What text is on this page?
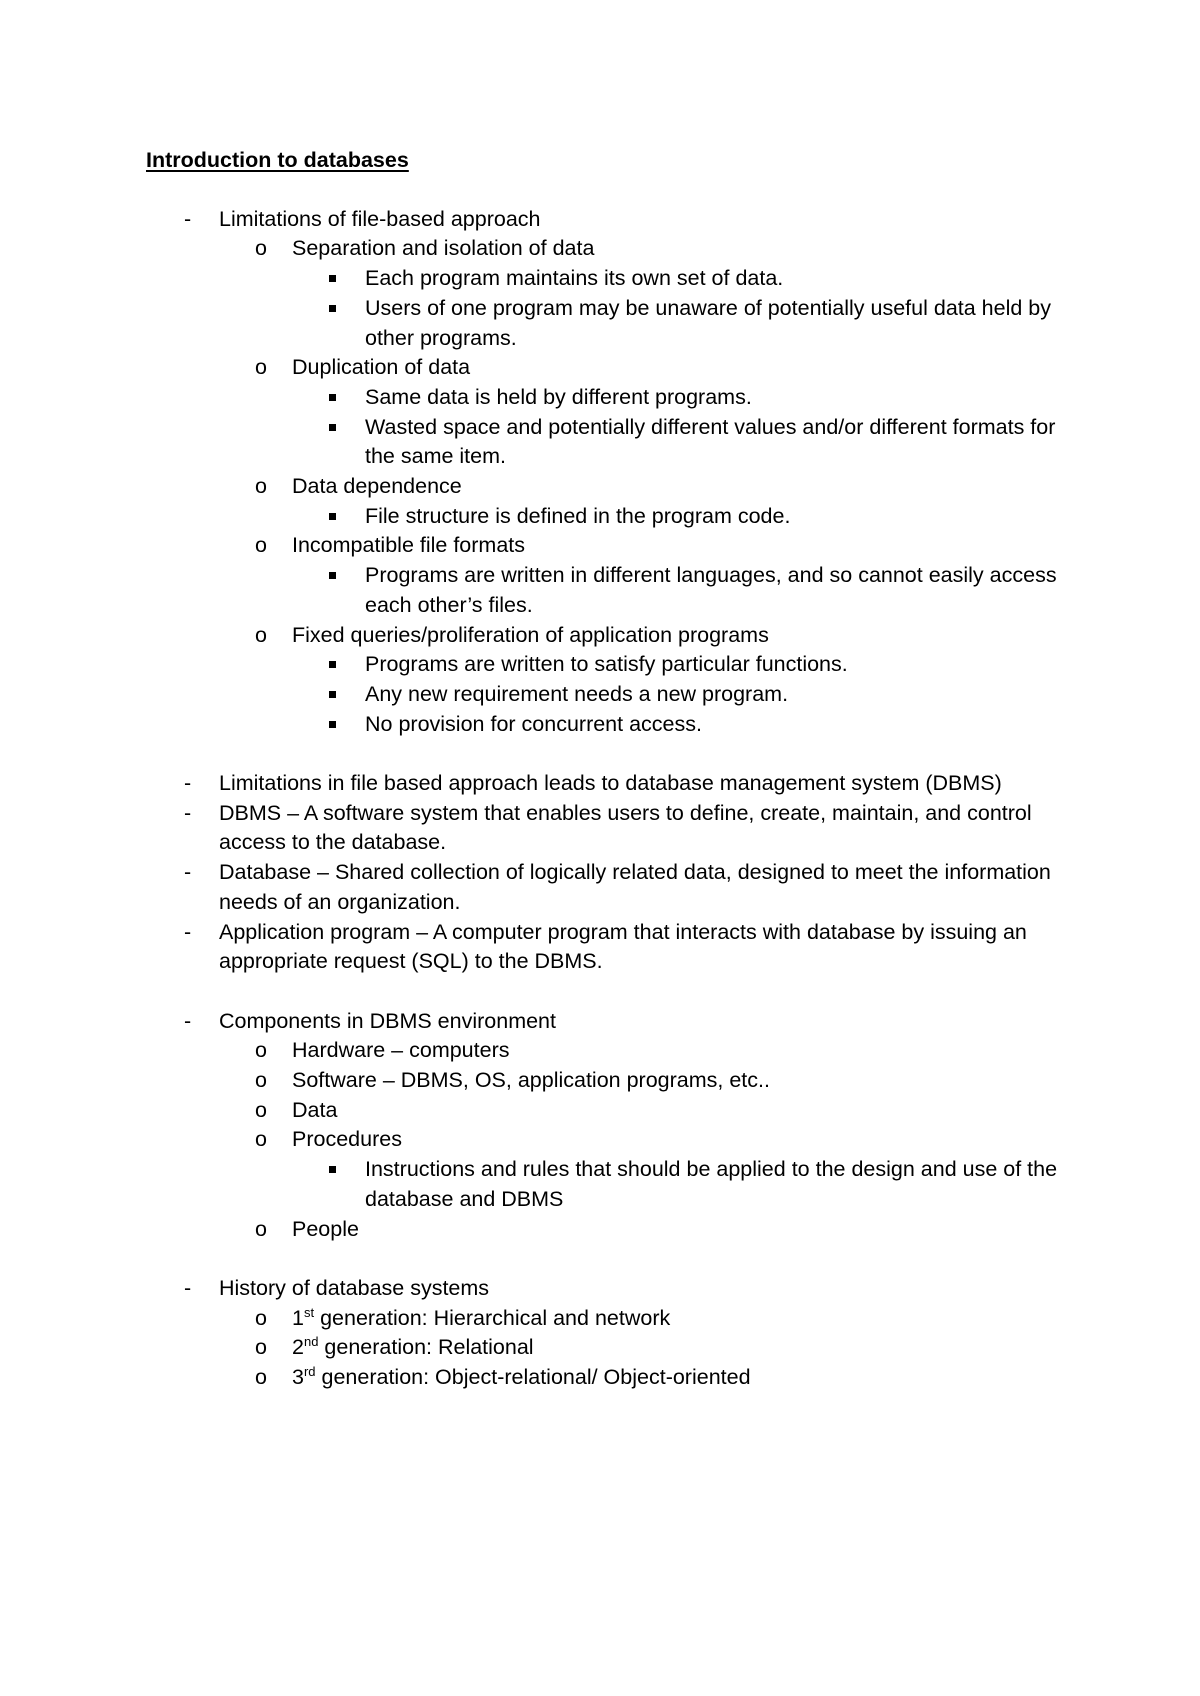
Introduction to databases
- Limitations of file-based approach
o Separation and isolation of data
Each program maintains its own set of data.
Users of one program may be unaware of potentially useful data held by other programs.
o Duplication of data
Same data is held by different programs.
Wasted space and potentially different values and/or different formats for the same item.
o Data dependence
File structure is defined in the program code.
o Incompatible file formats
Programs are written in different languages, and so cannot easily access each other’s files.
o Fixed queries/proliferation of application programs
Programs are written to satisfy particular functions.
Any new requirement needs a new program.
No provision for concurrent access.
- Limitations in file based approach leads to database management system (DBMS)
- DBMS – A software system that enables users to define, create, maintain, and control access to the database.
- Database – Shared collection of logically related data, designed to meet the information needs of an organization.
- Application program – A computer program that interacts with database by issuing an appropriate request (SQL) to the DBMS.
- Components in DBMS environment
o Hardware – computers
o Software – DBMS, OS, application programs, etc..
o Data
o Procedures
Instructions and rules that should be applied to the design and use of the database and DBMS
o People
- History of database systems
o 1st generation: Hierarchical and network
o 2nd generation: Relational
o 3rd generation: Object-relational/ Object-oriented
